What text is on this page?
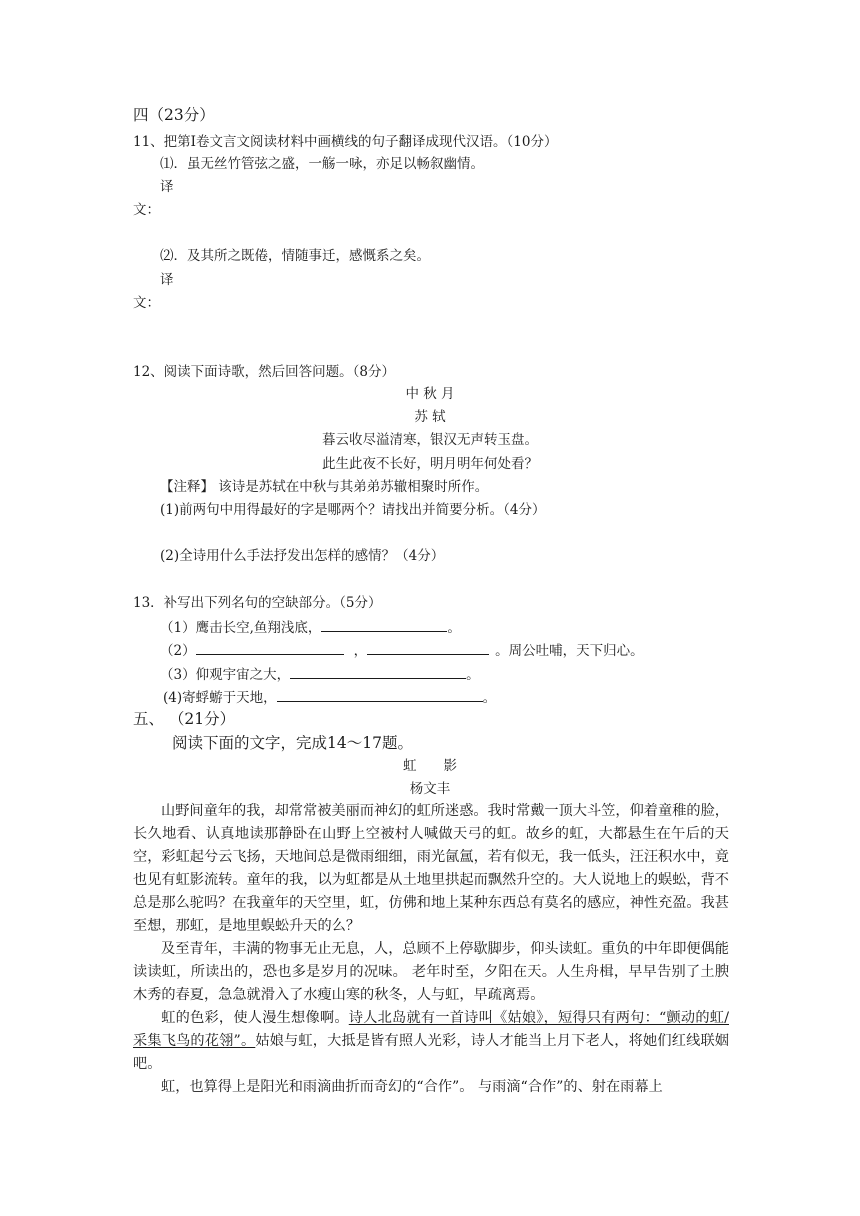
四（23分）
11、把第Ⅰ卷文言文阅读材料中画横线的句子翻译成现代汉语。（10分）
⑴．虽无丝竹管弦之盛，一觞一咏，亦足以畅叙幽情。
译
文：
⑵．及其所之既倦，情随事迁，感慨系之矣。
译
文：
12、阅读下面诗歌，然后回答问题。（8分）
中 秋 月
苏 轼
暮云收尽溢清寒，银汉无声转玉盘。
此生此夜不长好，明月明年何处看？
【注释】 该诗是苏轼在中秋与其弟弟苏辙相聚时所作。
(1)前两句中用得最好的字是哪两个？请找出并简要分析。（4分）
(2)全诗用什么手法抒发出怎样的感情？（4分）
13．补写出下列名句的空缺部分。（5分）
（1）鹰击长空,鱼翔浅底，	。
（2）	，	。周公吐哺，天下归心。
（3）仰观宇宙之大，	。
(4)寄蜉蝣于天地，	。
五、 （21分）
阅读下面的文字，完成14～17题。
虹　　影
杨文丰
山野间童年的我，却常常被美丽而神幻的虹所迷惑。我时常戴一顶大斗笠，仰着童稚的脸，长久地看、认真地读那静卧在山野上空被村人喊做天弓的虹。故乡的虹，大都悬生在午后的天空，彩虹起兮云飞扬，天地间总是微雨细细，雨光氤氲，若有似无，我一低头，汪汪积水中，竟也见有虹影流转。童年的我，以为虹都是从土地里拱起而飘然升空的。大人说地上的蜈蚣，背不总是那么驼吗？在我童年的天空里，虹，仿佛和地上某种东西总有莫名的感应，神性充盈。我甚至想，那虹，是地里蜈蚣升天的么？
及至青年，丰满的物事无止无息，人，总顾不上停歇脚步，仰头读虹。重负的中年即便偶能读读虹，所读出的，恐也多是岁月的况味。 老年时至，夕阳在天。人生舟楫，早早告别了土腴木秀的春夏，急急就滑入了水瘦山寒的秋冬，人与虹，早疏离焉。
虹的色彩，使人漫生想像啊。诗人北岛就有一首诗叫《姑娘》，短得只有两句：“颤动的虹/采集飞鸟的花翎”。姑娘与虹，大抵是皆有照人光彩，诗人才能当上月下老人，将她们红线联姻吧。
虹，也算得上是阳光和雨滴曲折而奇幻的“合作”。 与雨滴“合作”的、射在雨幕上
